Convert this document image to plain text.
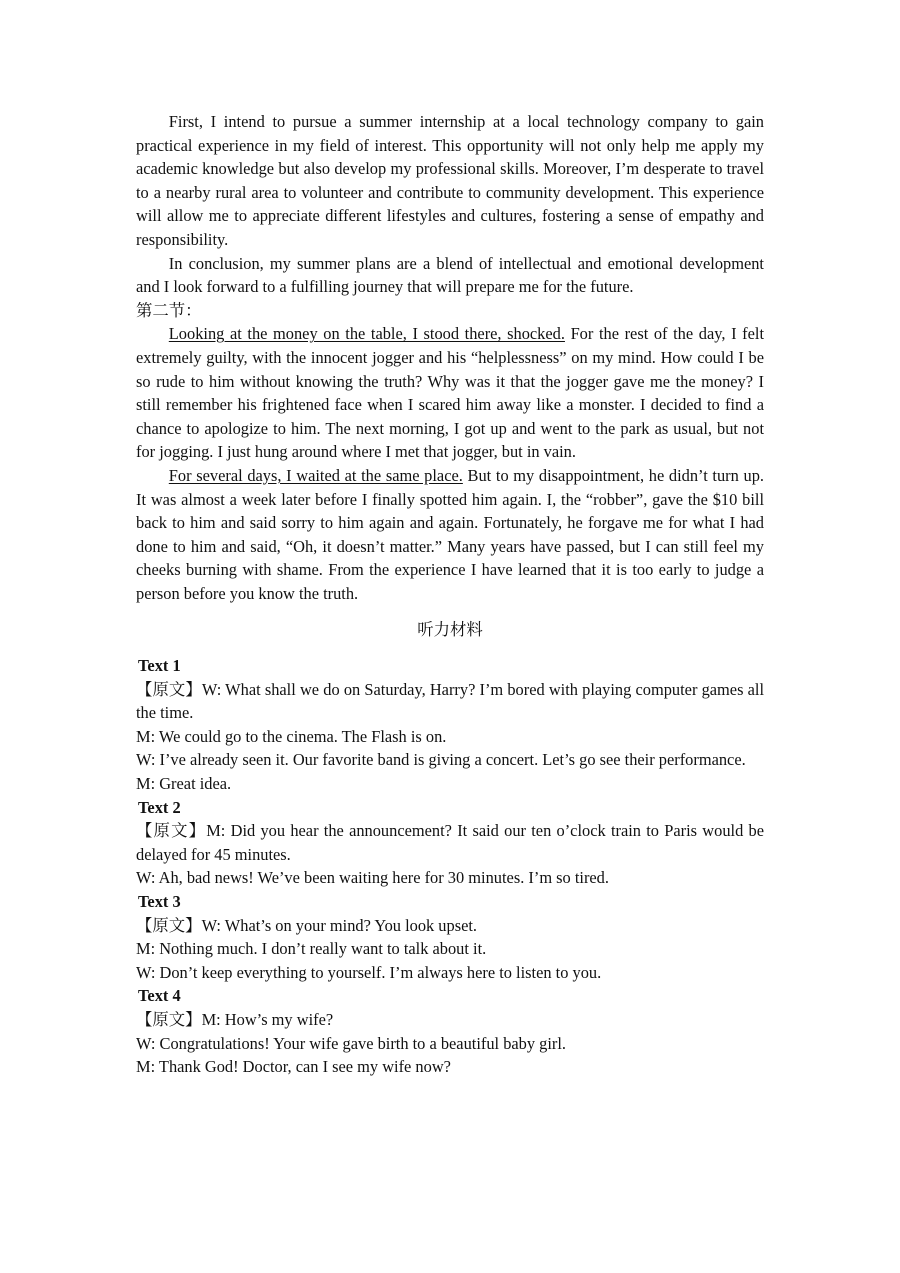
First, I intend to pursue a summer internship at a local technology company to gain practical experience in my field of interest. This opportunity will not only help me apply my academic knowledge but also develop my professional skills. Moreover, I’m desperate to travel to a nearby rural area to volunteer and contribute to community development. This experience will allow me to appreciate different lifestyles and cultures, fostering a sense of empathy and responsibility.

In conclusion, my summer plans are a blend of intellectual and emotional development and I look forward to a fulfilling journey that will prepare me for the future.

第二节：

Looking at the money on the table, I stood there, shocked. For the rest of the day, I felt extremely guilty, with the innocent jogger and his “helplessness” on my mind. How could I be so rude to him without knowing the truth? Why was it that the jogger gave me the money? I still remember his frightened face when I scared him away like a monster. I decided to find a chance to apologize to him. The next morning, I got up and went to the park as usual, but not for jogging. I just hung around where I met that jogger, but in vain.

For several days, I waited at the same place. But to my disappointment, he didn’t turn up. It was almost a week later before I finally spotted him again. I, the “robber”, gave the $10 bill back to him and said sorry to him again and again. Fortunately, he forgave me for what I had done to him and said, “Oh, it doesn’t matter.” Many years have passed, but I can still feel my cheeks burning with shame. From the experience I have learned that it is too early to judge a person before you know the truth.

听力材料

Text 1

【原文】W: What shall we do on Saturday, Harry? I’m bored with playing computer games all the time.

M: We could go to the cinema. The Flash is on.

W: I’ve already seen it. Our favorite band is giving a concert. Let’s go see their performance.

M: Great idea.

Text 2

【原文】M: Did you hear the announcement? It said our ten o’clock train to Paris would be delayed for 45 minutes.

W: Ah, bad news! We’ve been waiting here for 30 minutes. I’m so tired.

Text 3

【原文】W: What’s on your mind? You look upset.

M: Nothing much. I don’t really want to talk about it.

W: Don’t keep everything to yourself. I’m always here to listen to you.

Text 4

【原文】M: How’s my wife?

W: Congratulations! Your wife gave birth to a beautiful baby girl.

M: Thank God! Doctor, can I see my wife now?
